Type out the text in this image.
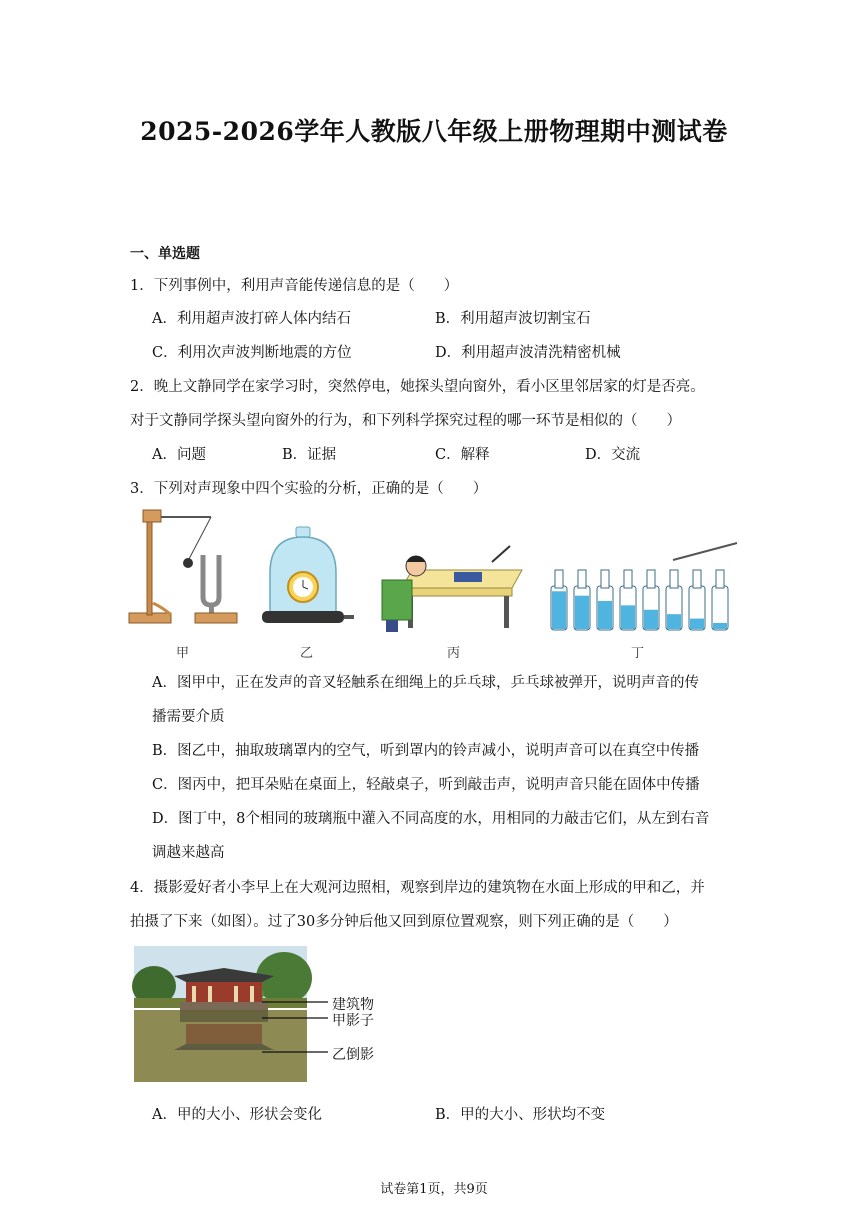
2025-2026学年人教版八年级上册物理期中测试卷
一、单选题
1．下列事例中，利用声音能传递信息的是（　　）
A．利用超声波打碎人体内结石	B．利用超声波切割宝石
C．利用次声波判断地震的方位	D．利用超声波清洗精密机械
2．晚上文静同学在家学习时，突然停电，她探头望向窗外，看小区里邻居家的灯是否亮。
对于文静同学探头望向窗外的行为，和下列科学探究过程的哪一环节是相似的（　　）
A．问题	B．证据	C．解释	D．交流
3．下列对声现象中四个实验的分析，正确的是（　　）
甲	乙	丙	丁
A．图甲中，正在发声的音叉轻触系在细绳上的乒乓球，乒乓球被弹开，说明声音的传
播需要介质
B．图乙中，抽取玻璃罩内的空气，听到罩内的铃声减小，说明声音可以在真空中传播
C．图丙中，把耳朵贴在桌面上，轻敲桌子，听到敲击声，说明声音只能在固体中传播
D．图丁中，8个相同的玻璃瓶中灌入不同高度的水，用相同的力敲击它们，从左到右音
调越来越高
4．摄影爱好者小李早上在大观河边照相，观察到岸边的建筑物在水面上形成的甲和乙，并
拍摄了下来（如图）。过了30多分钟后他又回到原位置观察，则下列正确的是（　　）
建筑物
甲影子
乙倒影
A．甲的大小、形状会变化	B．甲的大小、形状均不变
试卷第1页，共9页
